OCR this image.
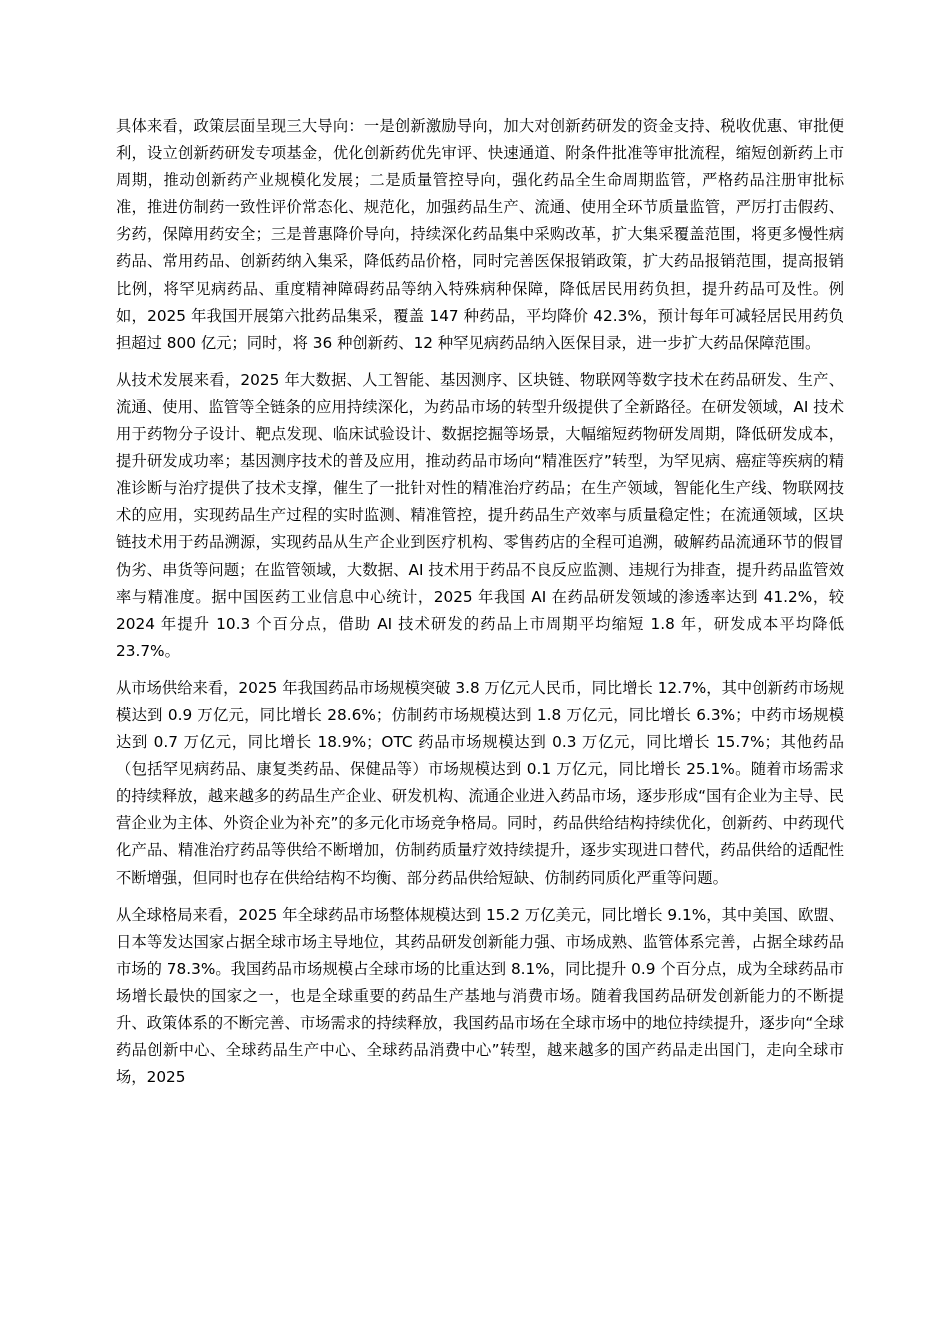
具体来看，政策层面呈现三大导向：一是创新激励导向，加大对创新药研发的资金支持、税收优惠、审批便利，设立创新药研发专项基金，优化创新药优先审评、快速通道、附条件批准等审批流程，缩短创新药上市周期，推动创新药产业规模化发展；二是质量管控导向，强化药品全生命周期监管，严格药品注册审批标准，推进仿制药一致性评价常态化、规范化，加强药品生产、流通、使用全环节质量监管，严厉打击假药、劣药，保障用药安全；三是普惠降价导向，持续深化药品集中采购改革，扩大集采覆盖范围，将更多慢性病药品、常用药品、创新药纳入集采，降低药品价格，同时完善医保报销政策，扩大药品报销范围，提高报销比例，将罕见病药品、重度精神障碍药品等纳入特殊病种保障，降低居民用药负担，提升药品可及性。例如，2025 年我国开展第六批药品集采，覆盖 147 种药品，平均降价 42.3%，预计每年可减轻居民用药负担超过 800 亿元；同时，将 36 种创新药、12 种罕见病药品纳入医保目录，进一步扩大药品保障范围。

从技术发展来看，2025 年大数据、人工智能、基因测序、区块链、物联网等数字技术在药品研发、生产、流通、使用、监管等全链条的应用持续深化，为药品市场的转型升级提供了全新路径。在研发领域，AI 技术用于药物分子设计、靶点发现、临床试验设计、数据挖掘等场景，大幅缩短药物研发周期，降低研发成本，提升研发成功率；基因测序技术的普及应用，推动药品市场向“精准医疗”转型，为罕见病、癌症等疾病的精准诊断与治疗提供了技术支撑，催生了一批针对性的精准治疗药品；在生产领域，智能化生产线、物联网技术的应用，实现药品生产过程的实时监测、精准管控，提升药品生产效率与质量稳定性；在流通领域，区块链技术用于药品溯源，实现药品从生产企业到医疗机构、零售药店的全程可追溯，破解药品流通环节的假冒伪劣、串货等问题；在监管领域，大数据、AI 技术用于药品不良反应监测、违规行为排查，提升药品监管效率与精准度。据中国医药工业信息中心统计，2025 年我国 AI 在药品研发领域的渗透率达到 41.2%，较 2024 年提升 10.3 个百分点，借助 AI 技术研发的药品上市周期平均缩短 1.8 年，研发成本平均降低 23.7%。

从市场供给来看，2025 年我国药品市场规模突破 3.8 万亿元人民币，同比增长 12.7%，其中创新药市场规模达到 0.9 万亿元，同比增长 28.6%；仿制药市场规模达到 1.8 万亿元，同比增长 6.3%；中药市场规模达到 0.7 万亿元，同比增长 18.9%；OTC 药品市场规模达到 0.3 万亿元，同比增长 15.7%；其他药品（包括罕见病药品、康复类药品、保健品等）市场规模达到 0.1 万亿元，同比增长 25.1%。随着市场需求的持续释放，越来越多的药品生产企业、研发机构、流通企业进入药品市场，逐步形成“国有企业为主导、民营企业为主体、外资企业为补充”的多元化市场竞争格局。同时，药品供给结构持续优化，创新药、中药现代化产品、精准治疗药品等供给不断增加，仿制药质量疗效持续提升，逐步实现进口替代，药品供给的适配性不断增强，但同时也存在供给结构不均衡、部分药品供给短缺、仿制药同质化严重等问题。

从全球格局来看，2025 年全球药品市场整体规模达到 15.2 万亿美元，同比增长 9.1%，其中美国、欧盟、日本等发达国家占据全球市场主导地位，其药品研发创新能力强、市场成熟、监管体系完善，占据全球药品市场的 78.3%。我国药品市场规模占全球市场的比重达到 8.1%，同比提升 0.9 个百分点，成为全球药品市场增长最快的国家之一，也是全球重要的药品生产基地与消费市场。随着我国药品研发创新能力的不断提升、政策体系的不断完善、市场需求的持续释放，我国药品市场在全球市场中的地位持续提升，逐步向“全球药品创新中心、全球药品生产中心、全球药品消费中心”转型，越来越多的国产药品走出国门，走向全球市场，2025
